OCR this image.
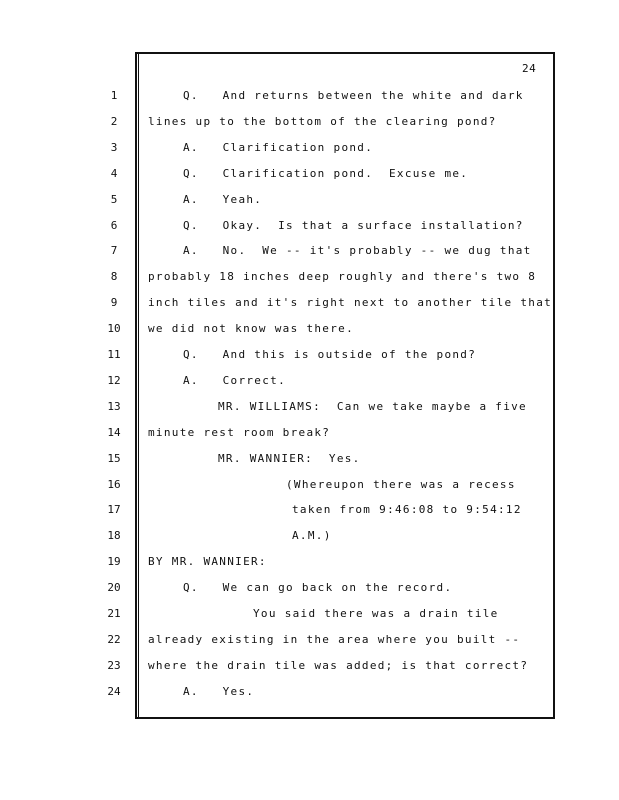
24
1	Q.   And returns between the white and dark
2	lines up to the bottom of the clearing pond?
3	A.   Clarification pond.
4	Q.   Clarification pond.  Excuse me.
5	A.   Yeah.
6	Q.   Okay.  Is that a surface installation?
7	A.   No.  We -- it's probably -- we dug that
8	probably 18 inches deep roughly and there's two 8
9	inch tiles and it's right next to another tile that
10	we did not know was there.
11	Q.   And this is outside of the pond?
12	A.   Correct.
13	MR. WILLIAMS:  Can we take maybe a five
14	minute rest room break?
15	MR. WANNIER:  Yes.
16	(Whereupon there was a recess
17	taken from 9:46:08 to 9:54:12
18	A.M.)
19	BY MR. WANNIER:
20	Q.   We can go back on the record.
21	You said there was a drain tile
22	already existing in the area where you built --
23	where the drain tile was added; is that correct?
24	A.   Yes.
